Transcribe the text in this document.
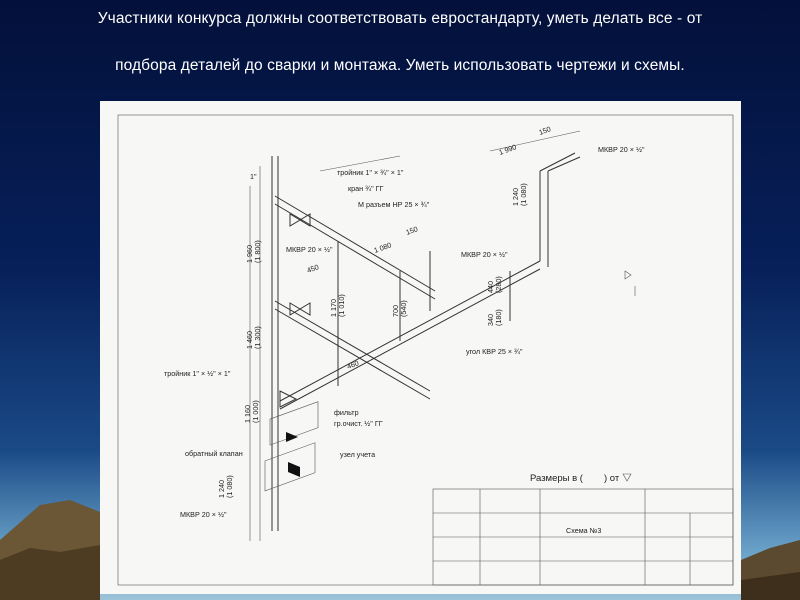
Участники конкурса должны соответствовать евростандарту, уметь делать все - от
подбора деталей до сварки и монтажа. Уметь использовать чертежи и схемы.
1"	тройник 1" × ¾" × 1"
кран ¾" ГГ
М разъем НР 25 × ¾"
МКВР 20 × ½"
МКВР 20 × ½"
МКВР 20 × ½"
угол КВР 25 × ¾"
тройник 1" × ½" × 1"
фильтр
гр.очист. ½" ГГ
обратный клапан	узел учета
МКВР 20 × ½"
1 990
150
1 240 (1 080)
1 960 (1 800)	1 080
150
450
1 170 (1 010)	700 (540)
440 (280)
340 (180)
1 460 (1 300)
460
1 160 (1 000)
1 240 (1 080)	Размеры в ( ) от
Схема №3
